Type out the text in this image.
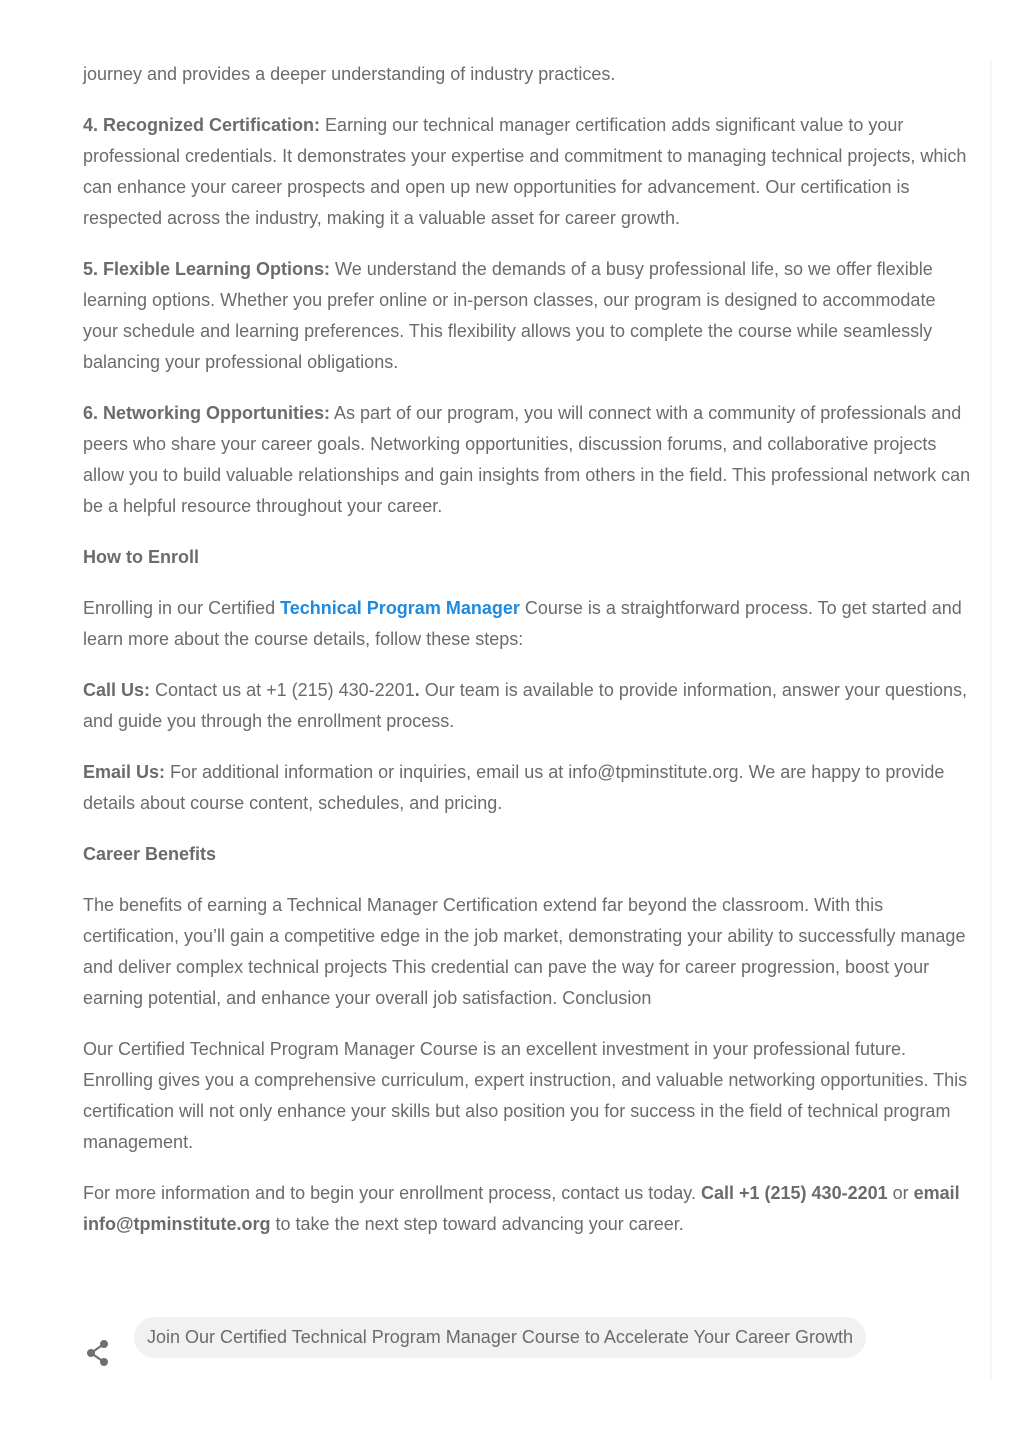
journey and provides a deeper understanding of industry practices.

4. Recognized Certification: Earning our technical manager certification adds significant value to your professional credentials. It demonstrates your expertise and commitment to managing technical projects, which can enhance your career prospects and open up new opportunities for advancement. Our certification is respected across the industry, making it a valuable asset for career growth.

5. Flexible Learning Options: We understand the demands of a busy professional life, so we offer flexible learning options. Whether you prefer online or in-person classes, our program is designed to accommodate your schedule and learning preferences. This flexibility allows you to complete the course while seamlessly balancing your professional obligations.

6. Networking Opportunities: As part of our program, you will connect with a community of professionals and peers who share your career goals. Networking opportunities, discussion forums, and collaborative projects allow you to build valuable relationships and gain insights from others in the field. This professional network can be a helpful resource throughout your career.

How to Enroll

Enrolling in our Certified Technical Program Manager Course is a straightforward process. To get started and learn more about the course details, follow these steps:

Call Us: Contact us at +1 (215) 430-2201. Our team is available to provide information, answer your questions, and guide you through the enrollment process.

Email Us: For additional information or inquiries, email us at info@tpminstitute.org. We are happy to provide details about course content, schedules, and pricing.

Career Benefits

The benefits of earning a Technical Manager Certification extend far beyond the classroom. With this certification, you’ll gain a competitive edge in the job market, demonstrating your ability to successfully manage and deliver complex technical projects This credential can pave the way for career progression, boost your earning potential, and enhance your overall job satisfaction. Conclusion

Our Certified Technical Program Manager Course is an excellent investment in your professional future. Enrolling gives you a comprehensive curriculum, expert instruction, and valuable networking opportunities. This certification will not only enhance your skills but also position you for success in the field of technical program management.

For more information and to begin your enrollment process, contact us today. Call +1 (215) 430-2201 or email info@tpminstitute.org to take the next step toward advancing your career.

Join Our Certified Technical Program Manager Course to Accelerate Your Career Growth
